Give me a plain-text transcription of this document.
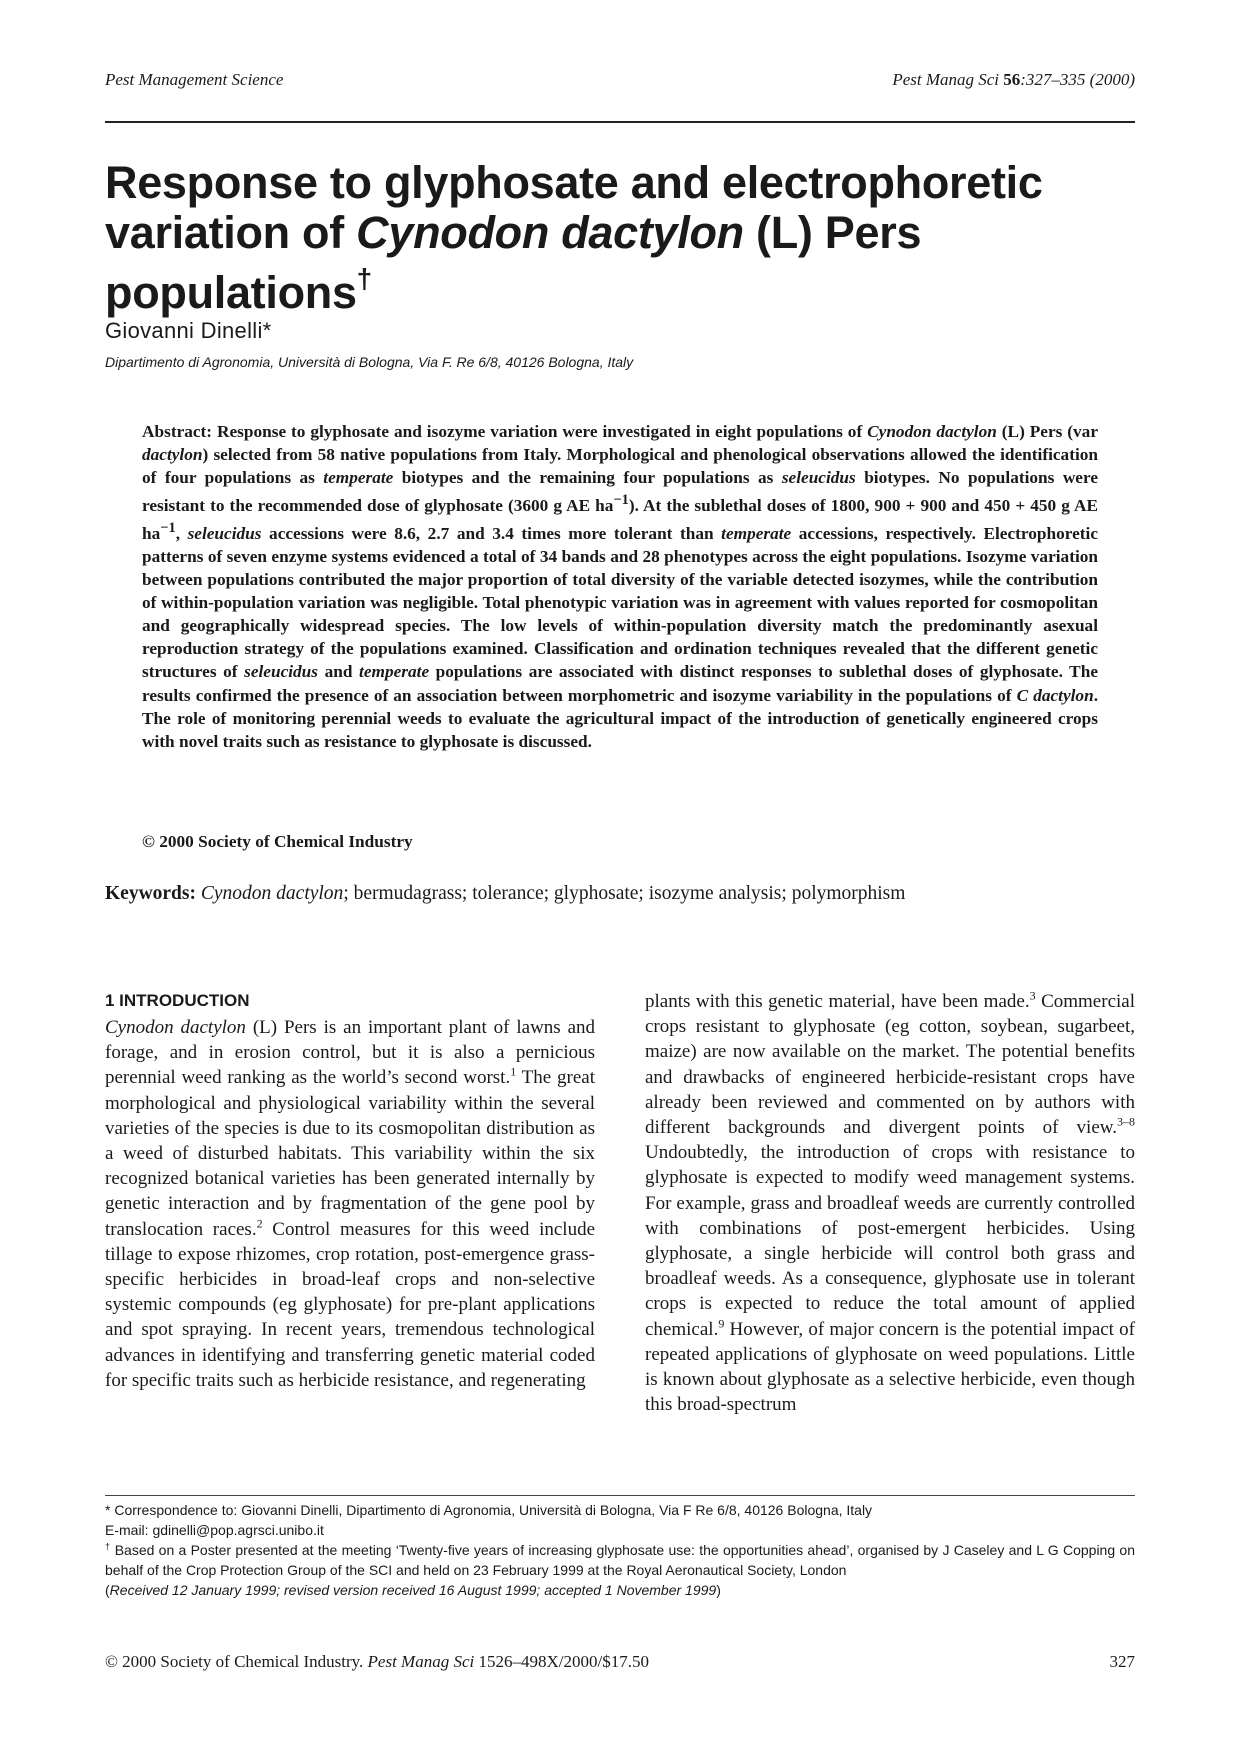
Pest Management Science	Pest Manag Sci 56:327–335 (2000)
Response to glyphosate and electrophoretic variation of Cynodon dactylon (L) Pers populations†
Giovanni Dinelli*
Dipartimento di Agronomia, Università di Bologna, Via F. Re 6/8, 40126 Bologna, Italy

Abstract: Response to glyphosate and isozyme variation were investigated in eight populations of Cynodon dactylon (L) Pers (var dactylon) selected from 58 native populations from Italy. Morphological and phenological observations allowed the identification of four populations as temperate biotypes and the remaining four populations as seleucidus biotypes. No populations were resistant to the recommended dose of glyphosate (3600 g AE $ha^{-1}$). At the sublethal doses of 1800, 900 + 900 and 450 + 450 g AE $ha^{-1}$, seleucidus accessions were 8.6, 2.7 and 3.4 times more tolerant than temperate accessions, respectively. Electrophoretic patterns of seven enzyme systems evidenced a total of 34 bands and 28 phenotypes across the eight populations. Isozyme variation between populations contributed the major proportion of total diversity of the variable detected isozymes, while the contribution of within-population variation was negligible. Total phenotypic variation was in agreement with values reported for cosmopolitan and geographically widespread species. The low levels of within-population diversity match the predominantly asexual reproduction strategy of the populations examined. Classification and ordination techniques revealed that the different genetic structures of seleucidus and temperate populations are associated with distinct responses to sublethal doses of glyphosate. The results confirmed the presence of an association between morphometric and isozyme variability in the populations of C dactylon. The role of monitoring perennial weeds to evaluate the agricultural impact of the introduction of genetically engineered crops with novel traits such as resistance to glyphosate is discussed.

© 2000 Society of Chemical Industry
Keywords: Cynodon dactylon; bermudagrass; tolerance; glyphosate; isozyme analysis; polymorphism
1 INTRODUCTION

Cynodon dactylon (L) Pers is an important plant of lawns and forage, and in erosion control, but it is also a pernicious perennial weed ranking as the world’s second worst.$^1$ The great morphological and physiological variability within the several varieties of the species is due to its cosmopolitan distribution as a weed of disturbed habitats. This variability within the six recognized botanical varieties has been generated internally by genetic interaction and by fragmentation of the gene pool by translocation races.$^2$ Control measures for this weed include tillage to expose rhizomes, crop rotation, post-emergence grass-specific herbicides in broad-leaf crops and non-selective systemic compounds (eg glyphosate) for pre-plant applications and spot spraying. In recent years, tremendous technological advances in identifying and transferring genetic material coded for specific traits such as herbicide resistance, and regenerating

plants with this genetic material, have been made.$^3$ Commercial crops resistant to glyphosate (eg cotton, soybean, sugarbeet, maize) are now available on the market. The potential benefits and drawbacks of engineered herbicide-resistant crops have already been reviewed and commented on by authors with different backgrounds and divergent points of view.$^{3-8}$ Undoubtedly, the introduction of crops with resistance to glyphosate is expected to modify weed management systems. For example, grass and broadleaf weeds are currently controlled with combinations of post-emergent herbicides. Using glyphosate, a single herbicide will control both grass and broadleaf weeds. As a consequence, glyphosate use in tolerant crops is expected to reduce the total amount of applied chemical.$^9$ However, of major concern is the potential impact of repeated applications of glyphosate on weed populations. Little is known about glyphosate as a selective herbicide, even though this broad-spectrum

* Correspondence to: Giovanni Dinelli, Dipartimento di Agronomia, Università di Bologna, Via F Re 6/8, 40126 Bologna, Italy

E-mail: gdinelli@pop.agrsci.unibo.it

† Based on a Poster presented at the meeting ‘Twenty-five years of increasing glyphosate use: the opportunities ahead’, organised by J Caseley and L G Copping on behalf of the Crop Protection Group of the SCI and held on 23 February 1999 at the Royal Aeronautical Society, London

(Received 12 January 1999; revised version received 16 August 1999; accepted 1 November 1999)

© 2000 Society of Chemical Industry. Pest Manag Sci 1526–498X/2000/$17.50	327
